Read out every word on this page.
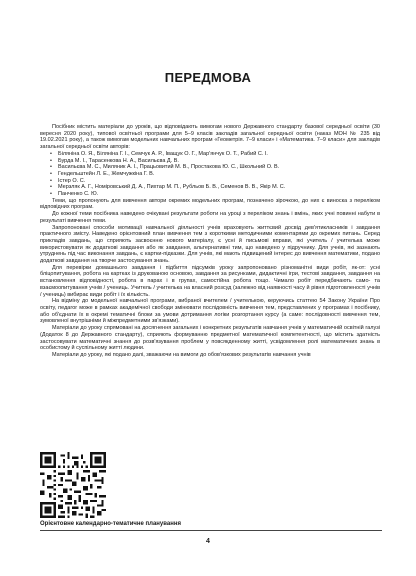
ПЕРЕДМОВА

Посібник містить матеріали до уроків, що відповідають вимогам нового Державного стандарту базової середньої освіти (30 вересня 2020 року), типової освітньої програми для 5–9 класів закладів загальної середньої освіти (наказ МОН № 235 від 19.02.2021 року), а також вимогам модельних навчальних програм «Геометрія. 7–9 класи» і «Математика. 7–9 класи» для закладів загальної середньої освіти авторів:

• Біляніна О. Я., Біляніна Г. І., Семчук А. Р., Іващук О. Г., Мар'янчук О. Т., Рабий С. І.
• Бурда М. І., Тарасенкова Н. А., Васильєва Д. В.
• Васильєва М. С., Миляник А. І., Працьовитий М. В., Простакова Ю. С., Школьний О. В.
• Гендельштейн Л. Е., Жемчужкіна Г. В.
• Істер О. С.
• Мерзляк А. Г., Номіровський Д. А., Пихтар М. П., Рубльов Б. В., Семенов В. В., Якір М. С.
• Панченко С. Ю.

Теми, що пропонують для вивчення автори окремих модельних програм, позначено зірочкою, до них є виноска з переліком відповідних програм.

До кожної теми посібника наведено очікувані результати роботи на уроці з переліком знань і вмінь, яких учні повинні набути в результаті вивчення теми.

Запропоновані способи мотивації навчальної діяльності учнів враховують життєвий досвід дев'ятикласників і завдання практичного змісту. Наведено орієнтовний план вивчення тем з короткими методичними коментарями до окремих питань. Серед прикладів завдань, що сприяють засвоєнню нового матеріалу, є усні й письмові вправи, які учитель / учителька може використовувати як додаткові завдання або як завдання, альтернативні тим, що наведено у підручнику. Для учнів, які зазнають утруднень під час виконання завдань, є картки-підказки. Для учнів, які мають підвищений інтерес до вивчення математики, подано додаткові завдання на творче застосування знань.

Для перевірки домашнього завдання і підбиття підсумків уроку запропоновано різноманітні види робіт, як-от: усні бліцопитування, робота на картках із друкованою основою, завдання за рисунками, дидактичні ігри, тестові завдання, завдання на встановлення відповідності, робота в парах і в групах, самостійна робота тощо. Чимало робіт передбачають само- та взаємоопитування учнів / учениць. Учитель / учителька на власний розсуд (залежно від наявності часу й рівня підготовленості учнів / учениць) вибирає види робіт і їх кількість.

На відміну до модельної навчальної програми, вибраної вчителем / учителькою, керуючись статтею 54 Закону України Про освіту, педагог може в рамках академічної свободи змінювати послідовність вивчення тем, представлених у програмах і посібнику, або об'єднати їх в окремі тематичні блоки за умови дотримання логіки розгортання курсу (а саме: послідовності вивчення тем, зумовленої внутрішніми й міжпредметними зв'язками).

Матеріали до уроку спрямовані на досягнення загальних і конкретних результатів навчання учнів у математичній освітній галузі (Додаток 8 до Державного стандарту), сприяють формуванню предметної математичної компетентності, що містить здатність застосовувати математичні знання до розв'язування проблем у повсякденному житті, усвідомлення ролі математичних знань в особистому й суспільному житті людини.

Матеріали до уроку, які подано далі, зважаючи на вимоги до обов'язкових результатів навчання учнів

Орієнтовне календарно-тематичне планування
4
